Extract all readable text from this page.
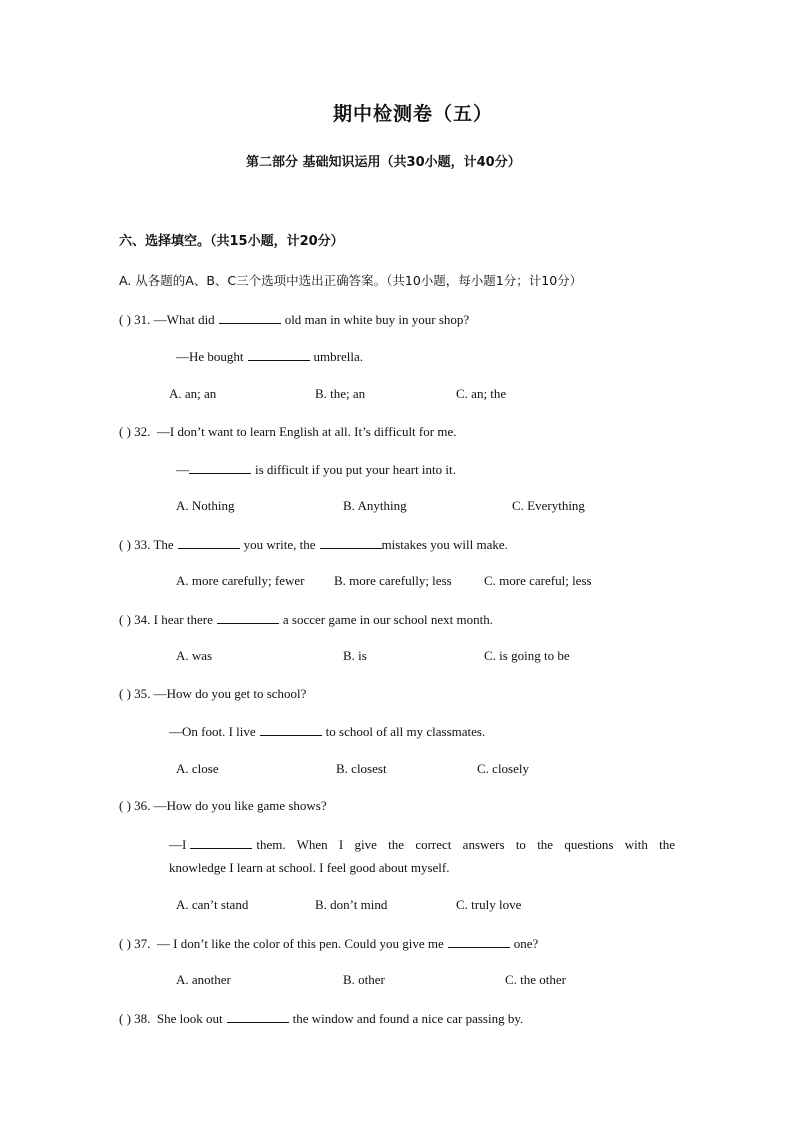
期中检测卷（五）
第二部分 基础知识运用（共30小题，计40分）
六、选择填空。（共15小题，计20分）
A. 从各题的A、B、C三个选项中选出正确答案。（共10小题，每小题1分；计10分）
( ) 31. —What did	old man in white buy in your shop?
—He bought	umbrella.
A. an; an	B. the; an	C. an; the
( ) 32. —I don’t want to learn English at all. It’s difficult for me.
—	is difficult if you put your heart into it.
A. Nothing	B. Anything	C. Everything
( ) 33. The	you write, the	mistakes you will make.
A. more carefully; fewer B. more carefully; less C. more careful; less
( ) 34. I hear there	a soccer game in our school next month.
A. was	B. is	C. is going to be
( ) 35. —How do you get to school?
—On foot. I live	to school of all my classmates.
A. close	B. closest	C. closely
( ) 36. —How do you like game shows?
—I	them. When I give the correct answers to the questions with the
knowledge I learn at school. I feel good about myself.
A. can’t stand	B. don’t mind	C. truly love
( ) 37. — I don’t like the color of this pen. Could you give me	one?
A. another	B. other	C. the other
( ) 38. She look out	the window and found a nice car passing by.
